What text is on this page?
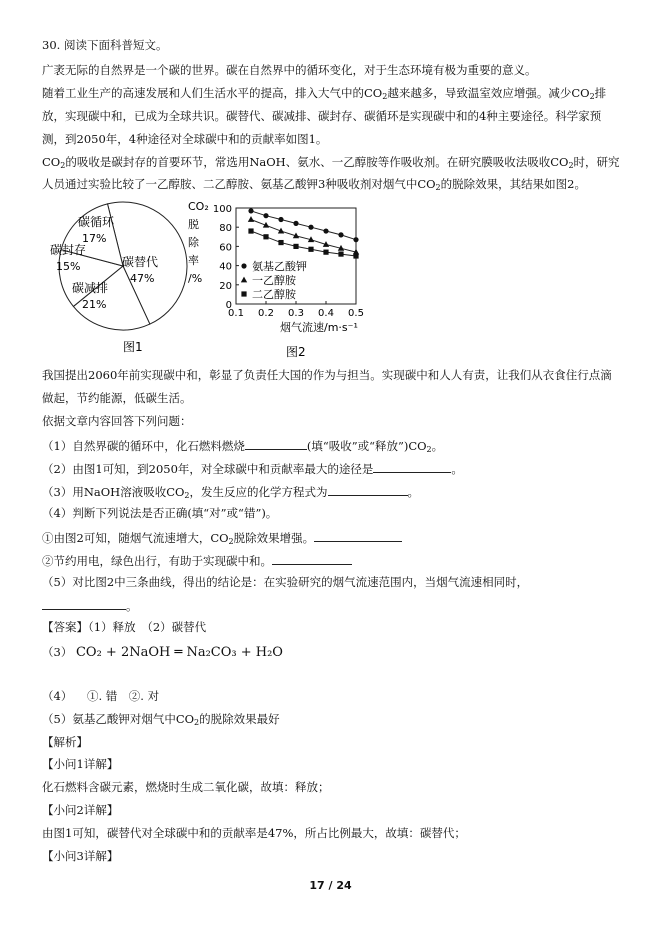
30. 阅读下面科普短文。
广袤无际的自然界是一个碳的世界。碳在自然界中的循环变化，对于生态环境有极为重要的意义。
随着工业生产的高速发展和人们生活水平的提高，排入大气中的$CO_2$越来越多，导致温室效应增强。减少$CO_2$排
放，实现碳中和，已成为全球共识。碳替代、碳减排、碳封存、碳循环是实现碳中和的4种主要途径。科学家预
测，到2050年，4种途径对全球碳中和的贡献率如图1。
$CO_2$的吸收是碳封存的首要环节，常选用NaOH、氨水、一乙醇胺等作吸收剂。在研究膜吸收法吸收$CO_2$时，研究
人员通过实验比较了一乙醇胺、二乙醇胺、氨基乙酸钾3种吸收剂对烟气中$CO_2$的脱除效果，其结果如图2。
碳替代
47%
碳减排
21%
碳封存
15%
碳循环
17%
图1
CO₂
脱
除
率
/%
0
20
40
60
80
100
0.1 0.2 0.3 0.4 0.5
氨基乙酸钾
一乙醇胺
二乙醇胺
烟气流速/m·s⁻¹
图2
我国提出2060年前实现碳中和，彰显了负责任大国的作为与担当。实现碳中和人人有责，让我们从衣食住行点滴
做起，节约能源，低碳生活。
依据文章内容回答下列问题：
（1）自然界碳的循环中，化石燃料燃烧	(填“吸收”或“释放$”)CO_2$。
（2）由图1可知，到2050年，对全球碳中和贡献率最大的途径是	。
（3）用NaOH溶液吸收$CO_2$，发生反应的化学方程式为	。
（4）判断下列说法是否正确(填“对”或“错”)。
①由图2可知，随烟气流速增大，$CO_2$脱除效果增强。
②节约用电，绿色出行，有助于实现碳中和。
（5）对比图2中三条曲线，得出的结论是：在实验研究的烟气流速范围内，当烟气流速相同时，
。
【答案】（1）释放　（2）碳替代
（3） CO₂ + 2NaOH ═ Na₂CO₃ + H₂O
（4） ①. 错　②. 对
（5）氨基乙酸钾对烟气中$CO_2$的脱除效果最好
【解析】
【小问1详解】
化石燃料含碳元素，燃烧时生成二氧化碳，故填：释放；
【小问2详解】
由图1可知，碳替代对全球碳中和的贡献率是47%，所占比例最大，故填：碳替代；
【小问3详解】
17 / 24
